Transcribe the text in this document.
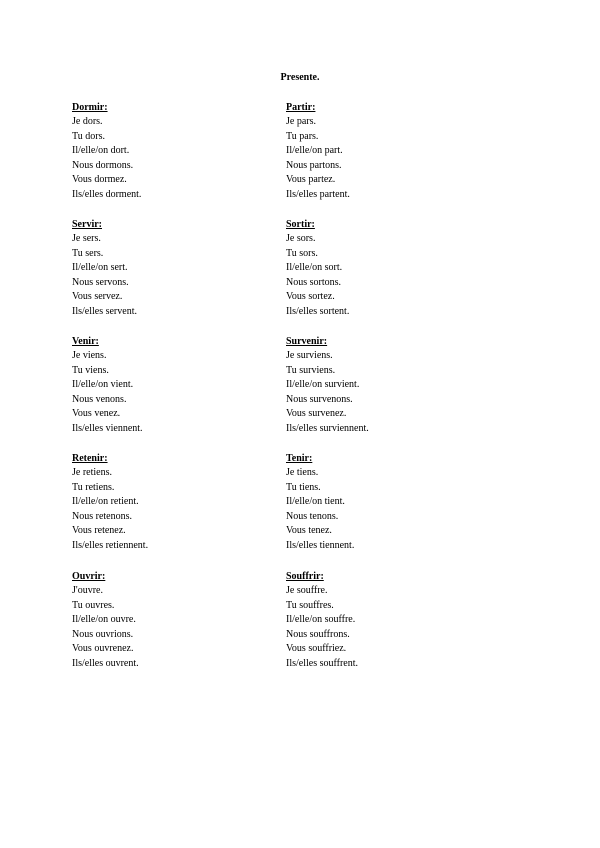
Presente.
Dormir:
Je dors.
Tu dors.
Il/elle/on dort.
Nous dormons.
Vous dormez.
Ils/elles dorment.
Partir:
Je pars.
Tu pars.
Il/elle/on part.
Nous partons.
Vous partez.
Ils/elles partent.
Servir:
Je sers.
Tu sers.
Il/elle/on sert.
Nous servons.
Vous servez.
Ils/elles servent.
Sortir:
Je sors.
Tu sors.
Il/elle/on sort.
Nous sortons.
Vous sortez.
Ils/elles sortent.
Venir:
Je viens.
Tu viens.
Il/elle/on vient.
Nous venons.
Vous venez.
Ils/elles viennent.
Survenir:
Je surviens.
Tu surviens.
Il/elle/on survient.
Nous survenons.
Vous survenez.
Ils/elles surviennent.
Retenir:
Je retiens.
Tu retiens.
Il/elle/on retient.
Nous retenons.
Vous retenez.
Ils/elles retiennent.
Tenir:
Je tiens.
Tu tiens.
Il/elle/on tient.
Nous tenons.
Vous tenez.
Ils/elles tiennent.
Ouvrir:
J'ouvre.
Tu ouvres.
Il/elle/on ouvre.
Nous ouvrions.
Vous ouvrenez.
Ils/elles ouvrent.
Souffrir:
Je souffre.
Tu souffres.
Il/elle/on souffre.
Nous souffrons.
Vous souffriez.
Ils/elles souffrent.
